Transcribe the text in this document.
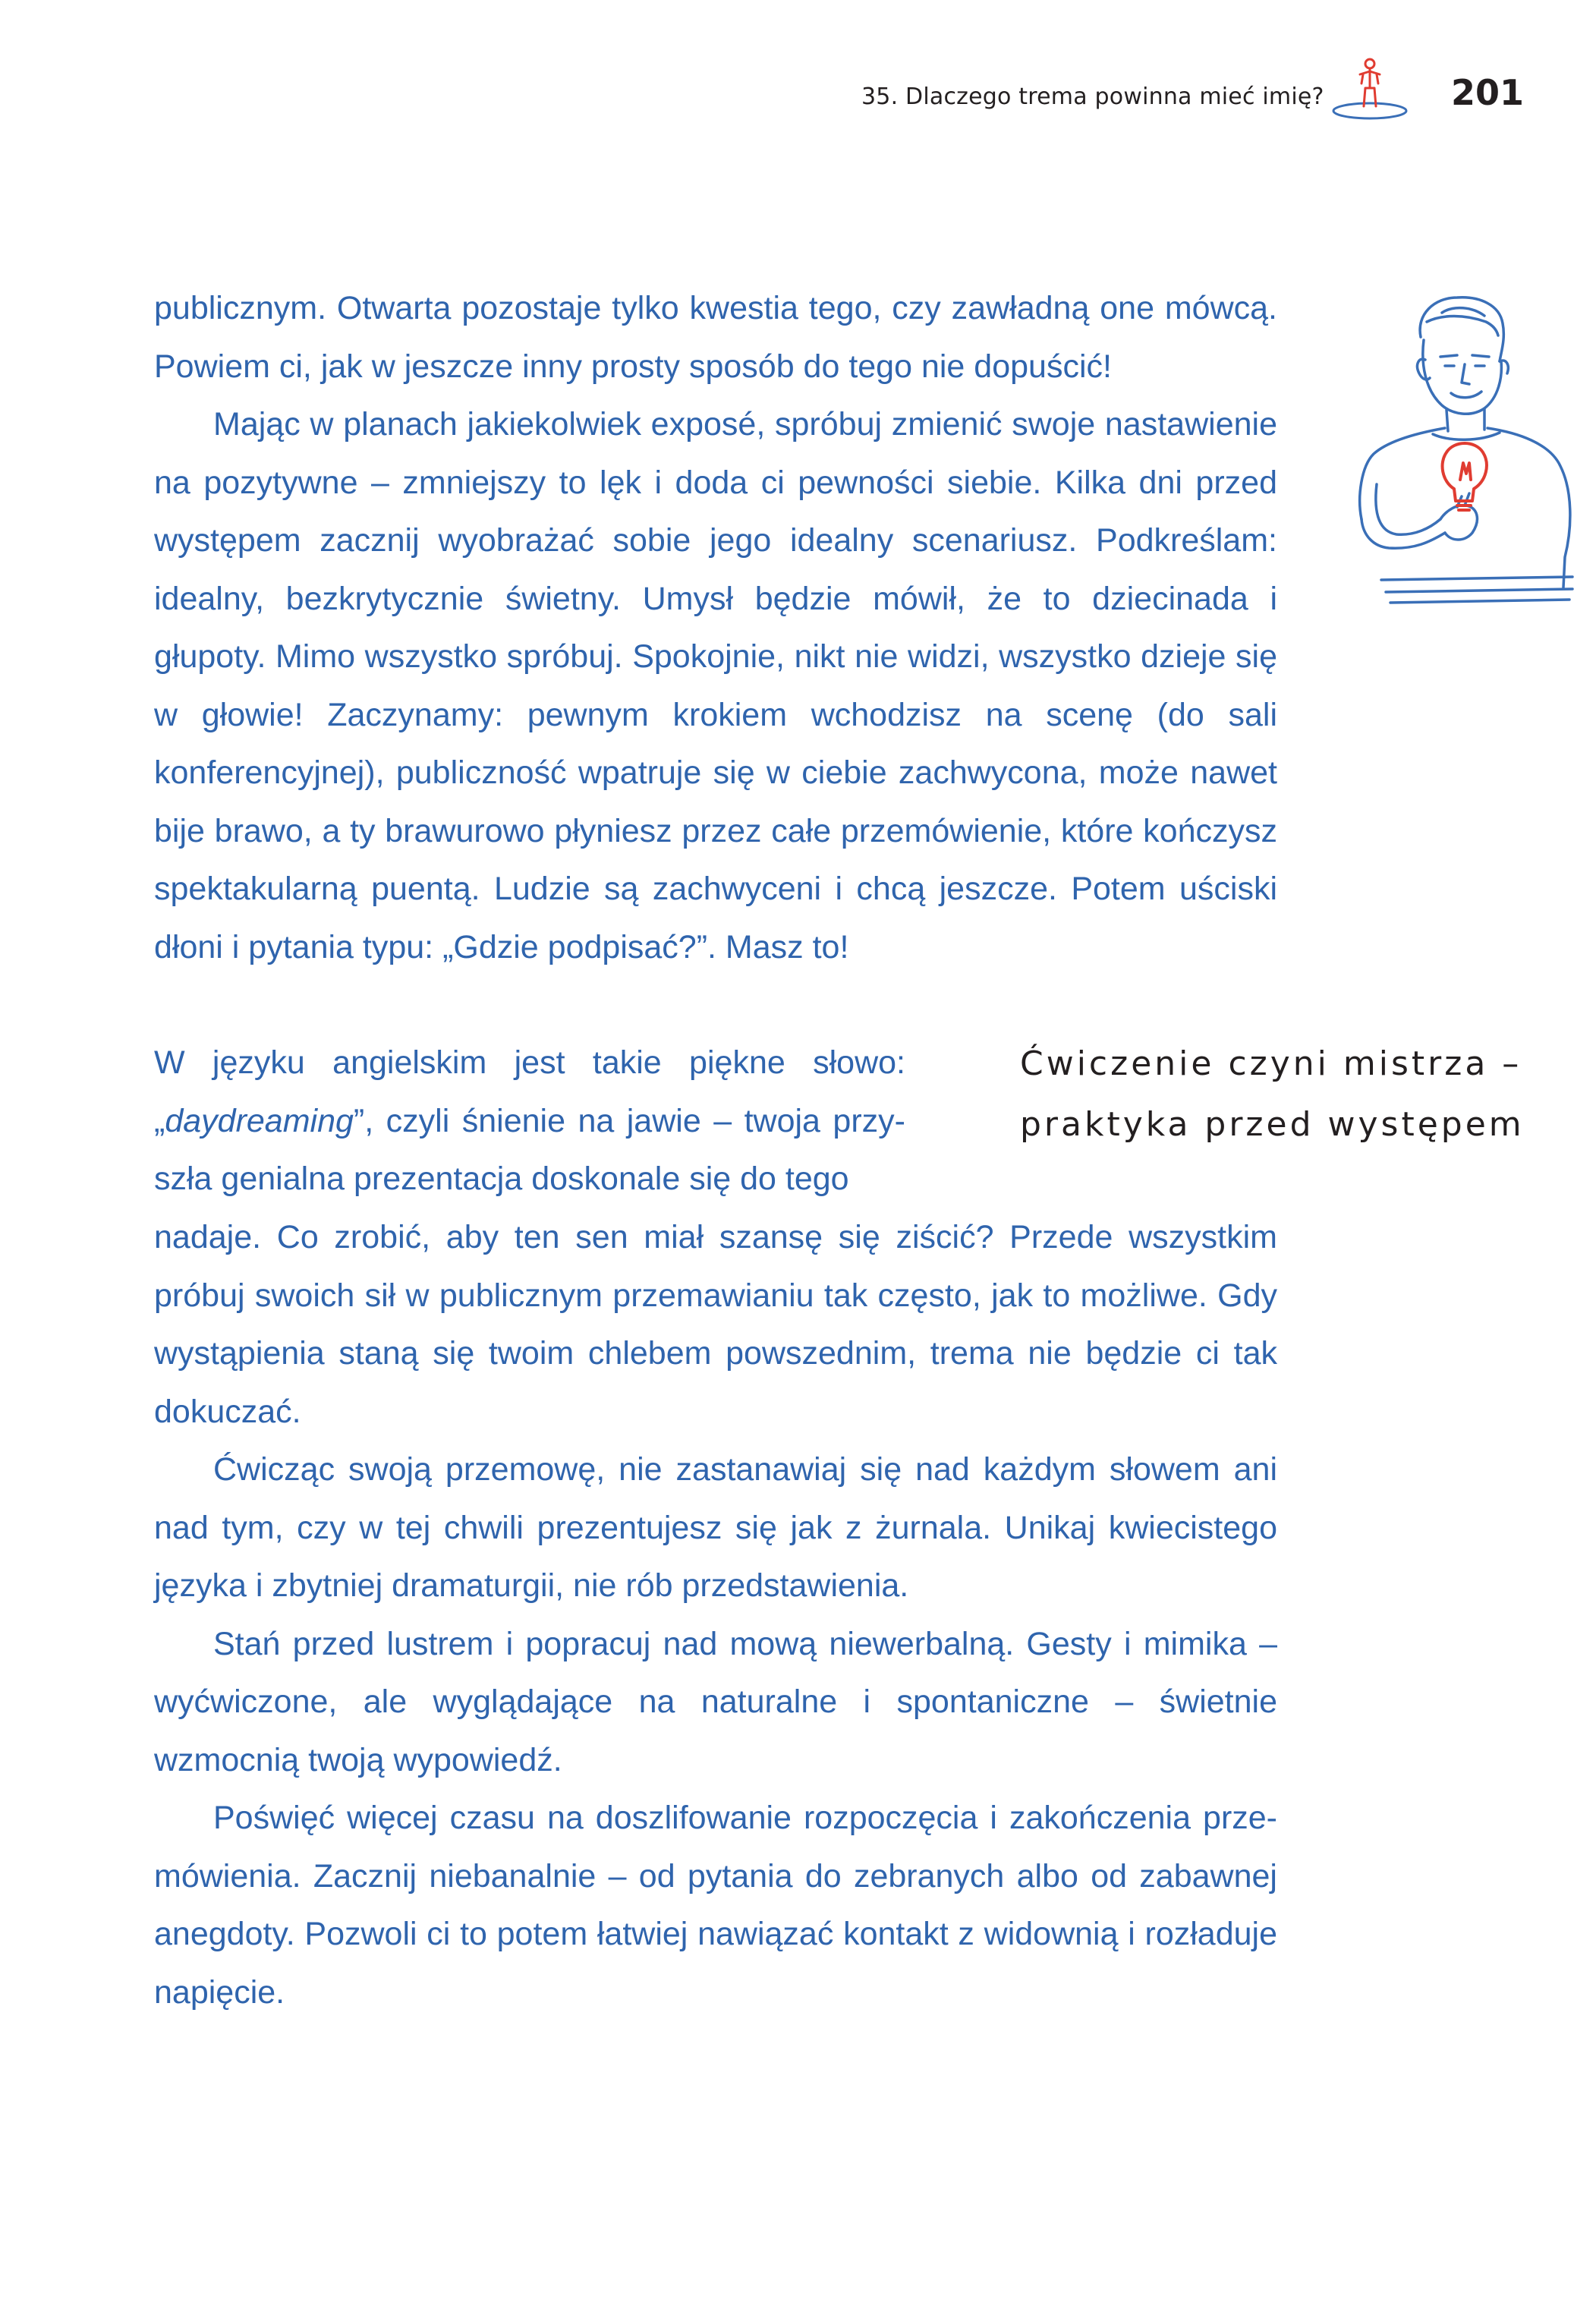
35. Dlaczego trema powinna mieć imię?	201

publicznym. Otwarta pozostaje tylko kwestia tego, czy zawładną one mówcą. Powiem ci, jak w jeszcze inny prosty sposób do tego nie dopuścić!

Mając w planach jakiekolwiek exposé, spróbuj zmienić swoje nastawienie na pozytywne – zmniejszy to lęk i doda ci pewności siebie. Kilka dni przed występem zacznij wyobrażać sobie jego idealny scenariusz. Podkreślam: idealny, bezkrytycznie świetny. Umysł będzie mówił, że to dziecinada i głupoty. Mimo wszystko spróbuj. Spokojnie, nikt nie widzi, wszystko dzieje się w głowie! Zaczynamy: pewnym krokiem wchodzisz na scenę (do sali konferencyjnej), publiczność wpatruje się w ciebie zachwycona, może nawet bije brawo, a ty brawurowo płyniesz przez całe przemówienie, które kończysz spektakularną puentą. Ludzie są zachwyceni i chcą jeszcze. Potem uściski dłoni i pytania typu: „Gdzie podpisać?”. Masz to!

Ćwiczenie czyni mistrza –
praktyka przed występem

W języku angielskim jest takie piękne słowo: „daydreaming”, czyli śnienie na jawie – twoja przyszła genialna prezentacja doskonale się do tego

nadaje. Co zrobić, aby ten sen miał szansę się ziścić? Przede wszystkim próbuj swoich sił w publicznym przemawianiu tak często, jak to możliwe. Gdy wystąpienia staną się twoim chlebem powszednim, trema nie będzie ci tak dokuczać.

Ćwicząc swoją przemowę, nie zastanawiaj się nad każdym słowem ani nad tym, czy w tej chwili prezentujesz się jak z żurnala. Unikaj kwiecistego języka i zbytniej dramaturgii, nie rób przedstawienia.

Stań przed lustrem i popracuj nad mową niewerbalną. Gesty i mimika – wyćwiczone, ale wyglądające na naturalne i spontaniczne – świetnie wzmocnią twoją wypowiedź.

Poświęć więcej czasu na doszlifowanie rozpoczęcia i zakończenia przemówienia. Zacznij niebanalnie – od pytania do zebranych albo od zabawnej anegdoty. Pozwoli ci to potem łatwiej nawiązać kontakt z widownią i rozładuje napięcie.
